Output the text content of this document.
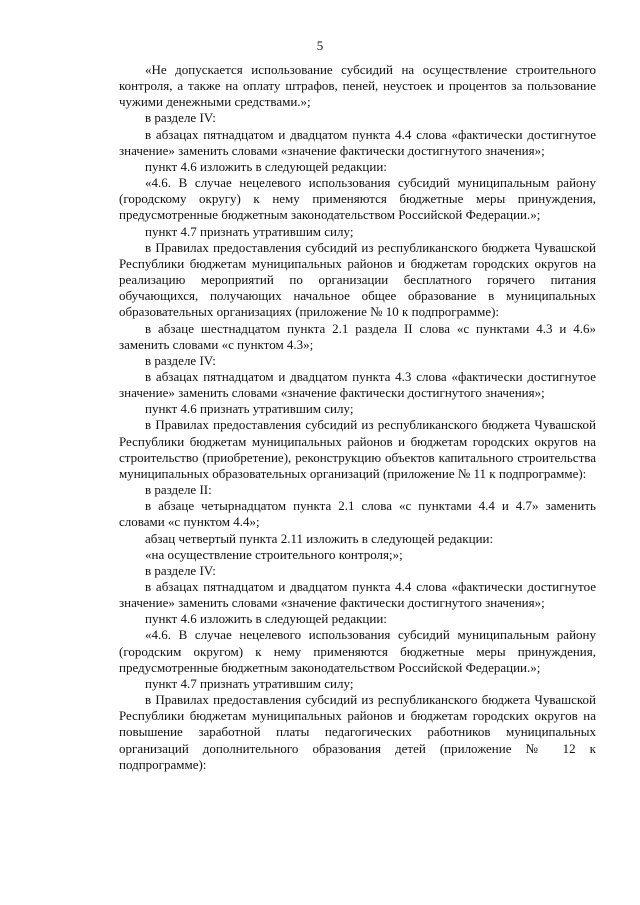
5

«Не допускается использование субсидий на осуществление строительного контроля, а также на оплату штрафов, пеней, неустоек и процентов за пользование чужими денежными средствами.»;

в разделе IV:

в абзацах пятнадцатом и двадцатом пункта 4.4 слова «фактически достигнутое значение» заменить словами «значение фактически достигнутого значения»;

пункт 4.6 изложить в следующей редакции:

«4.6. В случае нецелевого использования субсидий муниципальным району (городскому округу) к нему применяются бюджетные меры принуждения, предусмотренные бюджетным законодательством Российской Федерации.»;

пункт 4.7 признать утратившим силу;

в Правилах предоставления субсидий из республиканского бюджета Чувашской Республики бюджетам муниципальных районов и бюджетам городских округов на реализацию мероприятий по организации бесплатного горячего питания обучающихся, получающих начальное общее образование в муниципальных образовательных организациях (приложение № 10 к подпрограмме):

в абзаце шестнадцатом пункта 2.1 раздела II слова «с пунктами 4.3 и 4.6» заменить словами «с пунктом 4.3»;

в разделе IV:

в абзацах пятнадцатом и двадцатом пункта 4.3 слова «фактически достигнутое значение» заменить словами «значение фактически достигнутого значения»;

пункт 4.6 признать утратившим силу;

в Правилах предоставления субсидий из республиканского бюджета Чувашской Республики бюджетам муниципальных районов и бюджетам городских округов на строительство (приобретение), реконструкцию объектов капитального строительства муниципальных образовательных организаций (приложение № 11 к подпрограмме):

в разделе II:

в абзаце четырнадцатом пункта 2.1 слова «с пунктами 4.4 и 4.7» заменить словами «с пунктом 4.4»;

абзац четвертый пункта 2.11 изложить в следующей редакции:

«на осуществление строительного контроля;»;

в разделе IV:

в абзацах пятнадцатом и двадцатом пункта 4.4 слова «фактически достигнутое значение» заменить словами «значение фактически достигнутого значения»;

пункт 4.6 изложить в следующей редакции:

«4.6. В случае нецелевого использования субсидий муниципальным району (городским округом) к нему применяются бюджетные меры принуждения, предусмотренные бюджетным законодательством Российской Федерации.»;

пункт 4.7 признать утратившим силу;

в Правилах предоставления субсидий из республиканского бюджета Чувашской Республики бюджетам муниципальных районов и бюджетам городских округов на повышение заработной платы педагогических работников муниципальных организаций дополнительного образования детей (приложение № 12 к подпрограмме):
